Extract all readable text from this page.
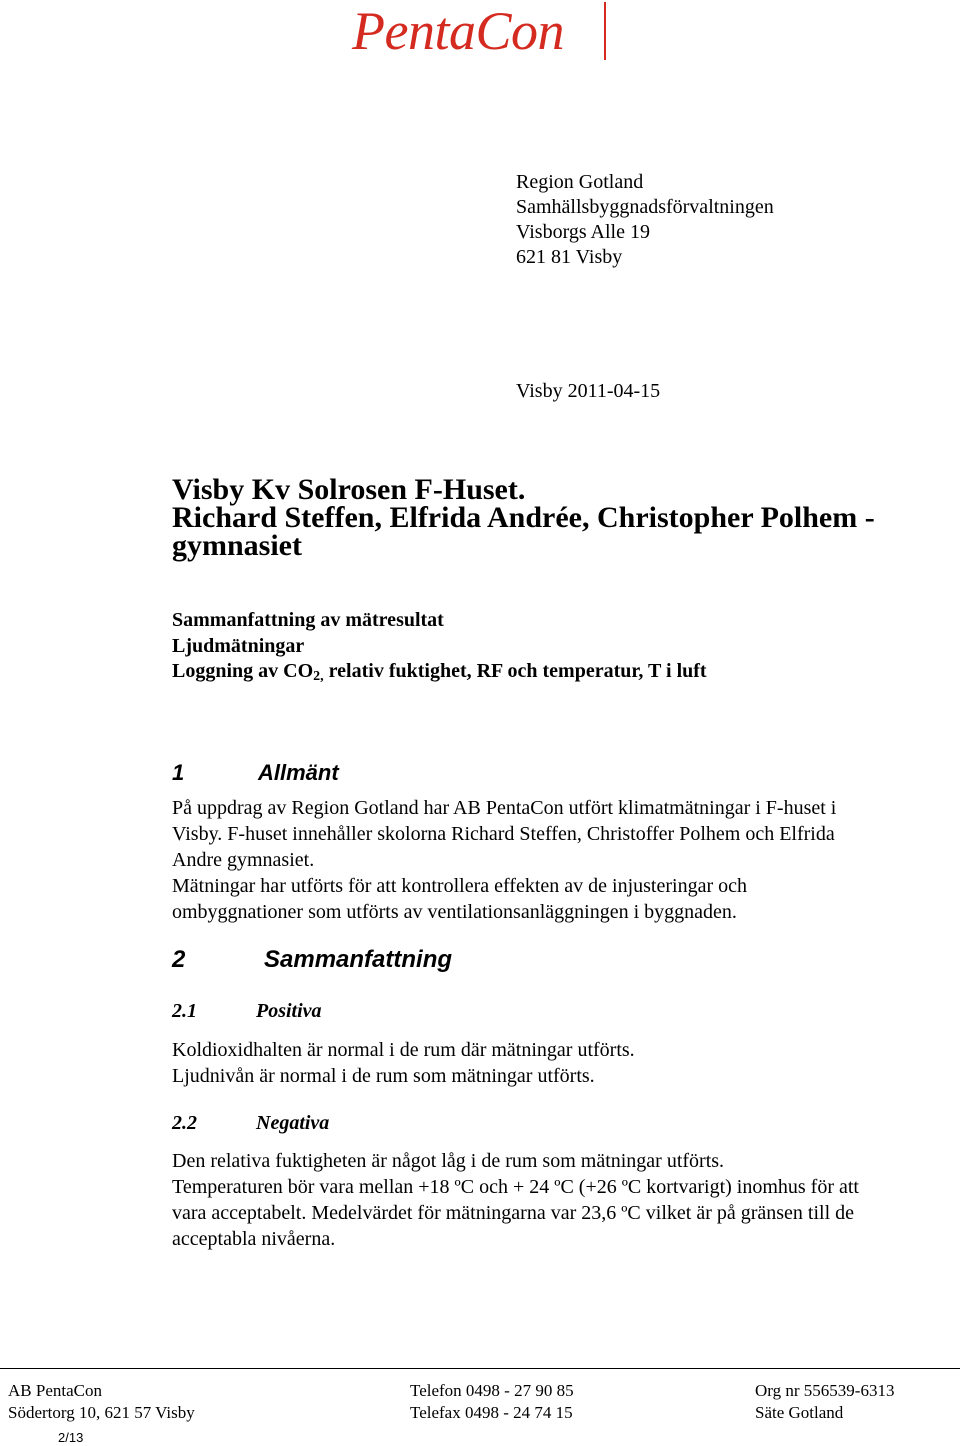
PentaCon
Region Gotland
Samhällsbyggnadsförvaltningen
Visborgs Alle 19
621 81 Visby
Visby 2011-04-15
Visby Kv Solrosen F-Huset.
Richard Steffen, Elfrida Andrée, Christopher Polhem -
gymnasiet
Sammanfattning av mätresultat
Ljudmätningar
Loggning av $CO_{2,}$ relativ fuktighet, RF och temperatur, T i luft
1	Allmänt
På uppdrag av Region Gotland har AB PentaCon utfört klimatmätningar i F-huset i
Visby. F-huset innehåller skolorna Richard Steffen, Christoffer Polhem och Elfrida
Andre gymnasiet.
Mätningar har utförts för att kontrollera effekten av de injusteringar och
ombyggnationer som utförts av ventilationsanläggningen i byggnaden.
2	Sammanfattning
2.1	Positiva
Koldioxidhalten är normal i de rum där mätningar utförts.
Ljudnivån är normal i de rum som mätningar utförts.
2.2	Negativa
Den relativa fuktigheten är något låg i de rum som mätningar utförts.
Temperaturen bör vara mellan +18 ºC och + 24 ºC (+26 ºC kortvarigt) inomhus för att
vara acceptabelt. Medelvärdet för mätningarna var 23,6 ºC vilket är på gränsen till de
acceptabla nivåerna.
AB PentaCon
Södertorg 10, 621 57 Visby
Telefon 0498 - 27 90 85
Telefax 0498 - 24 74 15
Org nr 556539-6313
Säte Gotland
2/13
